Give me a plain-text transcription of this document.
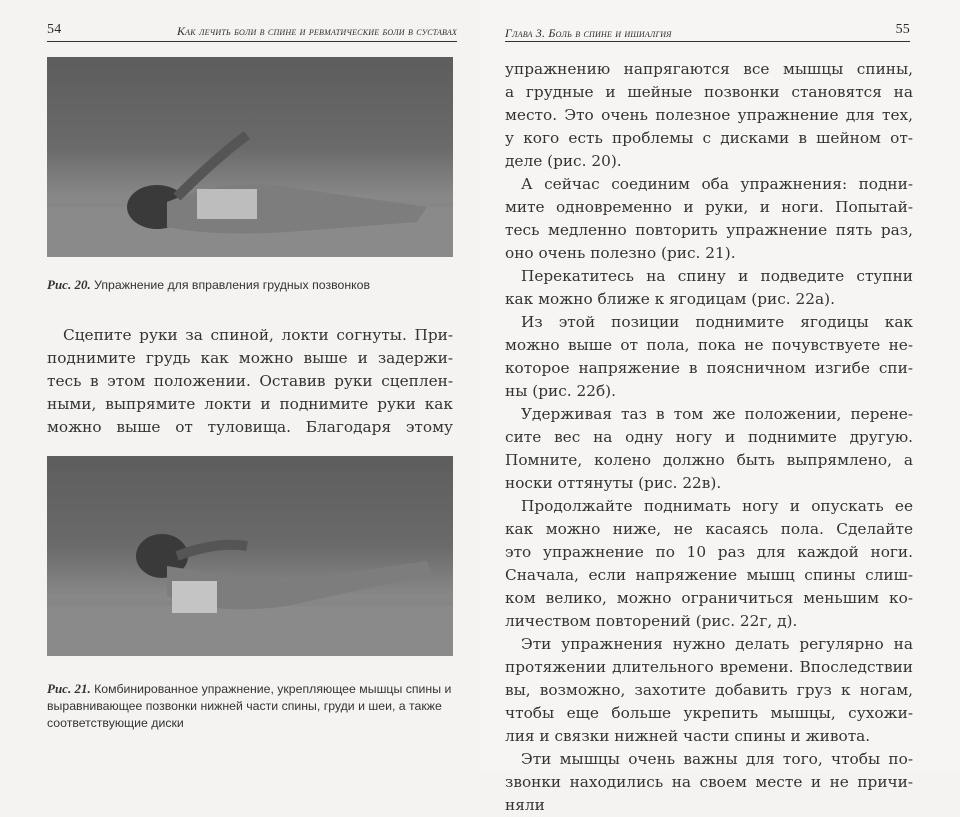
54	Как лечить боли в спине и ревматические боли в суставах
Рис. 20. Упражнение для вправления грудных позвонков
Сцепите руки за спиной, локти согнуты. При-
поднимите грудь как можно выше и задержи-
тесь в этом положении. Оставив руки сцеплен-
ными, выпрямите локти и поднимите руки как
можно выше от туловища. Благодаря этому
Рис. 21. Комбинированное упражнение, укрепляющее мышцы спины и
выравнивающее позвонки нижней части спины, груди и шеи, а также
соответствующие диски
Глава 3. Боль в спине и ишиалгия	55
упражнению напрягаются все мышцы спины,
а грудные и шейные позвонки становятся на
место. Это очень полезное упражнение для тех,
у кого есть проблемы с дисками в шейном от-
деле (рис. 20).
А сейчас соединим оба упражнения: подни-
мите одновременно и руки, и ноги. Попытай-
тесь медленно повторить упражнение пять раз,
оно очень полезно (рис. 21).
Перекатитесь на спину и подведите ступни
как можно ближе к ягодицам (рис. 22а).
Из этой позиции поднимите ягодицы как
можно выше от пола, пока не почувствуете не-
которое напряжение в поясничном изгибе спи-
ны (рис. 22б).
Удерживая таз в том же положении, перене-
сите вес на одну ногу и поднимите другую.
Помните, колено должно быть выпрямлено, а
носки оттянуты (рис. 22в).
Продолжайте поднимать ногу и опускать ее
как можно ниже, не касаясь пола. Сделайте
это упражнение по 10 раз для каждой ноги.
Сначала, если напряжение мышц спины слиш-
ком велико, можно ограничиться меньшим ко-
личеством повторений (рис. 22г, д).
Эти упражнения нужно делать регулярно на
протяжении длительного времени. Впоследствии
вы, возможно, захотите добавить груз к ногам,
чтобы еще больше укрепить мышцы, сухожи-
лия и связки нижней части спины и живота.
Эти мышцы очень важны для того, чтобы по-
звонки находились на своем месте и не причи-
няли
